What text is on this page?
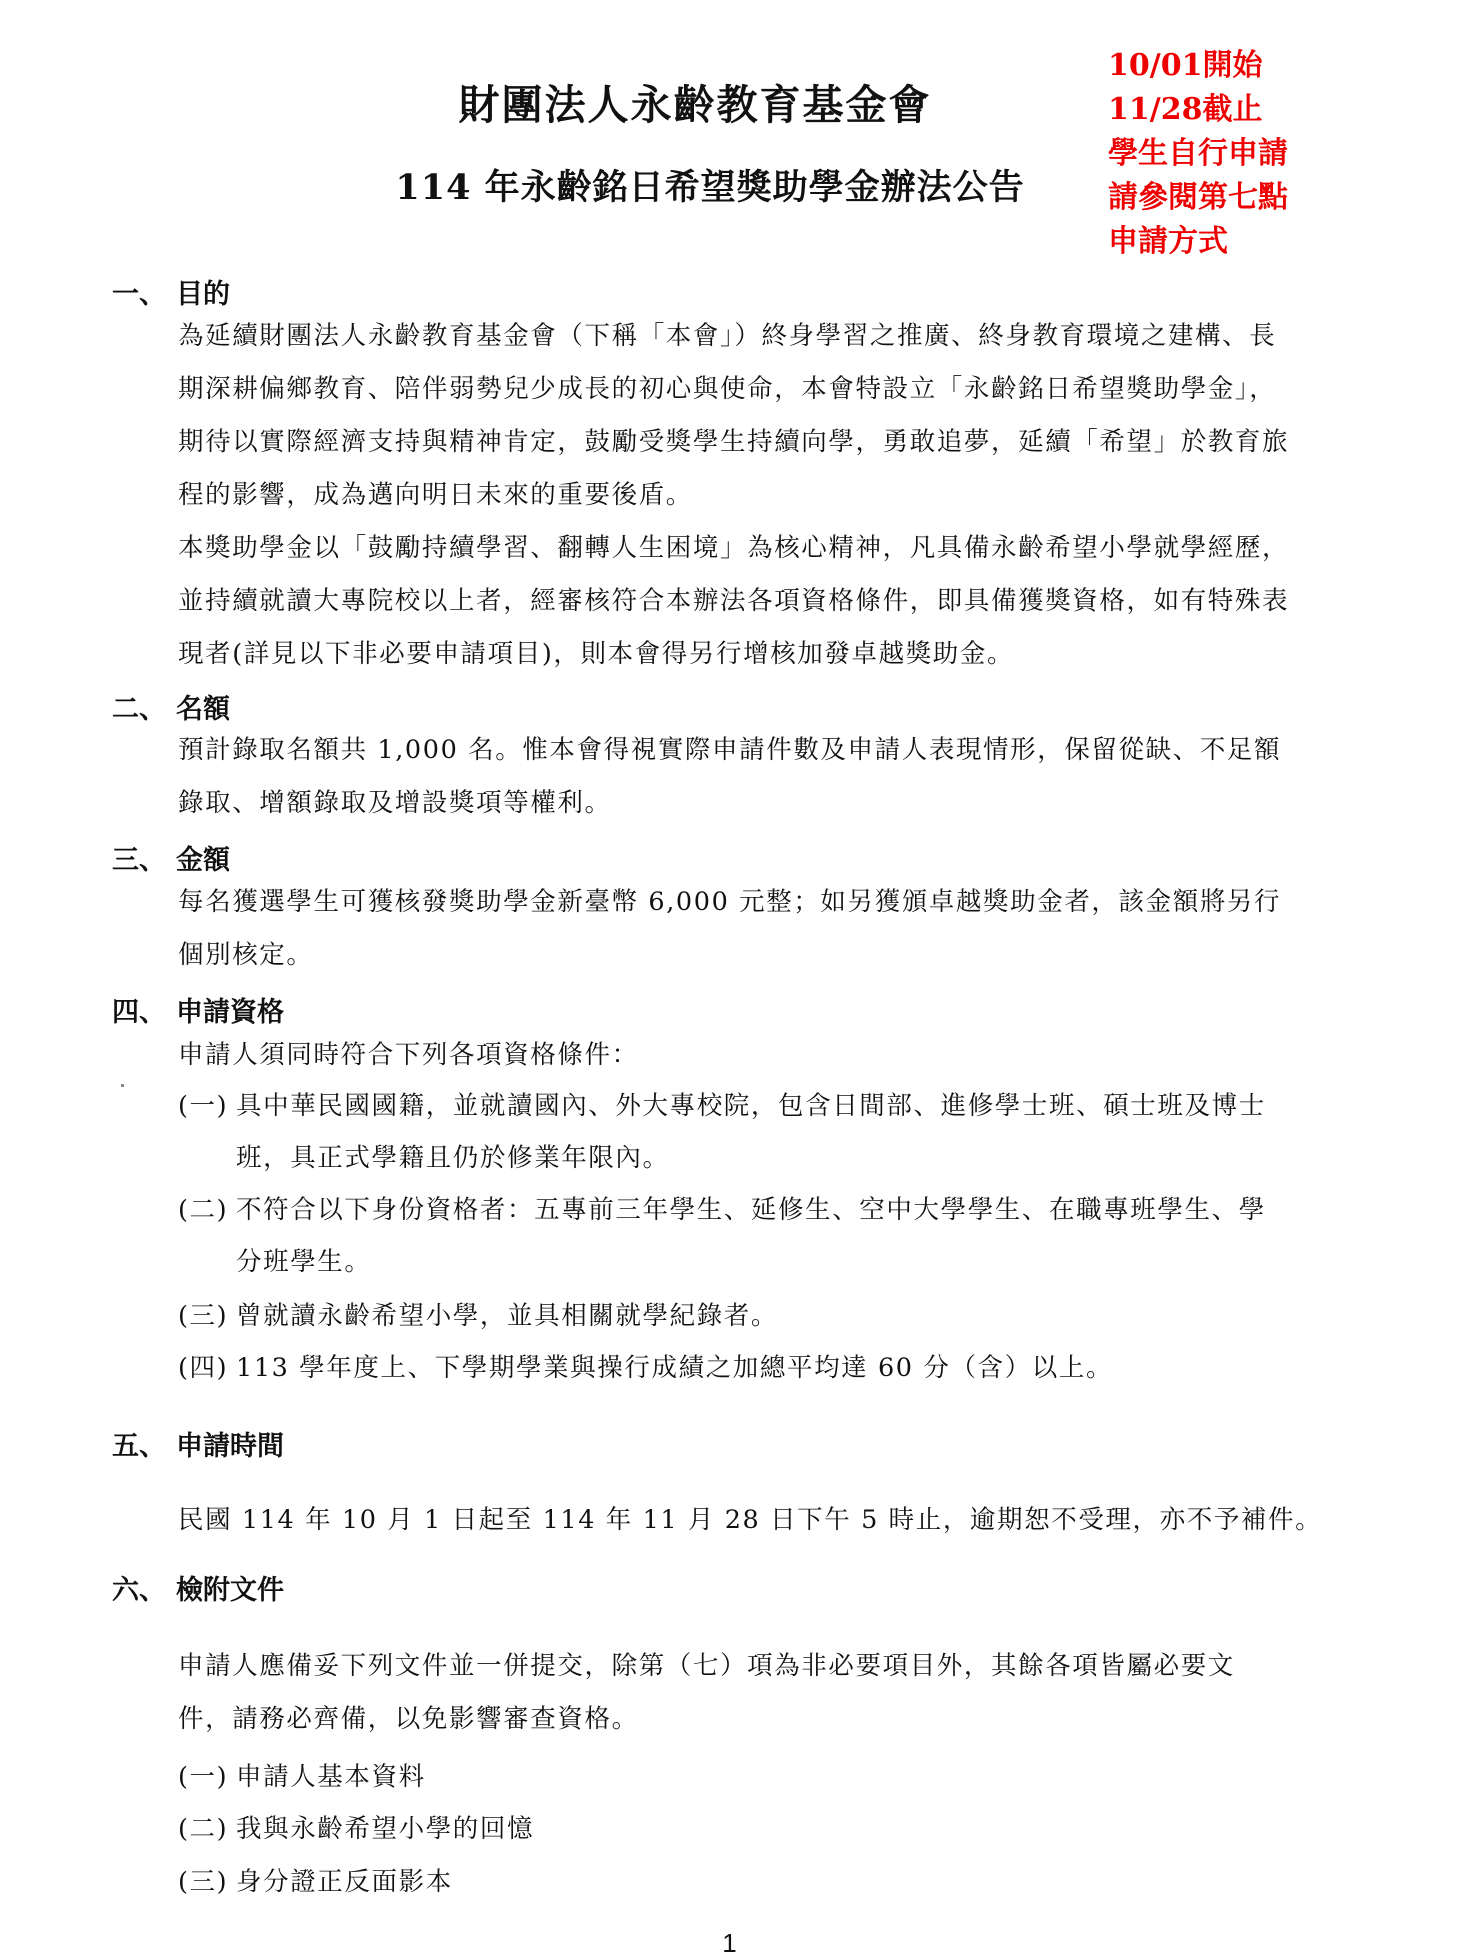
財團法人永齡教育基金會
114 年永齡銘日希望獎助學金辦法公告
10/01開始
11/28截止
學生自行申請
請參閱第七點
申請方式
一、 目的
為延續財團法人永齡教育基金會（下稱「本會」）終身學習之推廣、終身教育環境之建構、長
期深耕偏鄉教育、陪伴弱勢兒少成長的初心與使命，本會特設立「永齡銘日希望獎助學金」，
期待以實際經濟支持與精神肯定，鼓勵受獎學生持續向學，勇敢追夢，延續「希望」於教育旅
程的影響，成為邁向明日未來的重要後盾。
本獎助學金以「鼓勵持續學習、翻轉人生困境」為核心精神，凡具備永齡希望小學就學經歷，
並持續就讀大專院校以上者，經審核符合本辦法各項資格條件，即具備獲獎資格，如有特殊表
現者(詳見以下非必要申請項目)，則本會得另行增核加發卓越獎助金。
二、 名額
預計錄取名額共 1,000 名。惟本會得視實際申請件數及申請人表現情形，保留從缺、不足額
錄取、增額錄取及增設獎項等權利。
三、 金額
每名獲選學生可獲核發獎助學金新臺幣 6,000 元整；如另獲頒卓越獎助金者，該金額將另行
個別核定。
四、 申請資格
申請人須同時符合下列各項資格條件：
(一) 具中華民國國籍，並就讀國內、外大專校院，包含日間部、進修學士班、碩士班及博士
班，具正式學籍且仍於修業年限內。
(二) 不符合以下身份資格者：五專前三年學生、延修生、空中大學學生、在職專班學生、學
分班學生。
(三) 曾就讀永齡希望小學，並具相關就學紀錄者。
(四) 113 學年度上、下學期學業與操行成績之加總平均達 60 分（含）以上。
五、 申請時間
民國 114 年 10 月 1 日起至 114 年 11 月 28 日下午 5 時止，逾期恕不受理，亦不予補件。
六、 檢附文件
申請人應備妥下列文件並一併提交，除第（七）項為非必要項目外，其餘各項皆屬必要文
件，請務必齊備，以免影響審查資格。
(一) 申請人基本資料
(二) 我與永齡希望小學的回憶
(三) 身分證正反面影本
1
